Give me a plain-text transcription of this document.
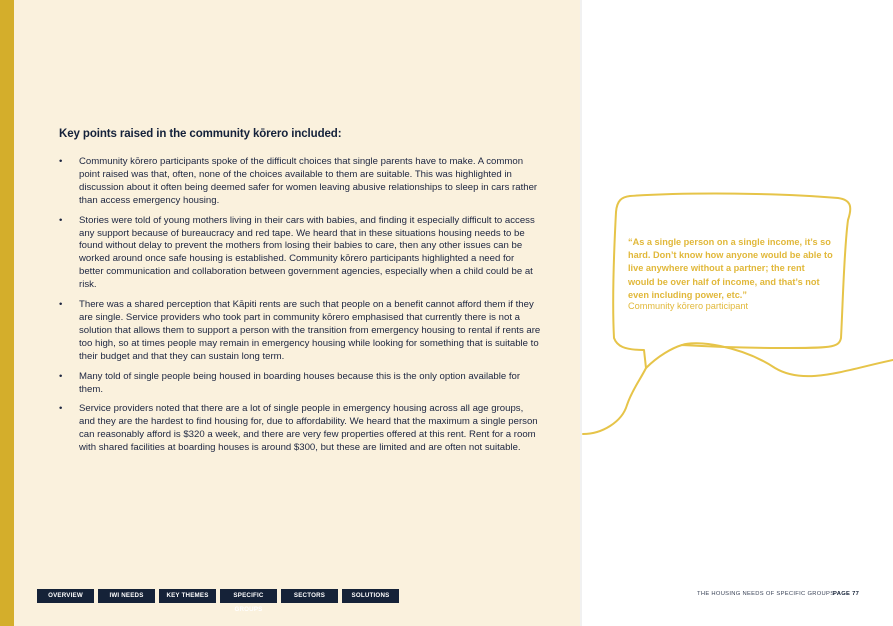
Key points raised in the community kōrero included:
• Community kōrero participants spoke of the difficult choices that single parents have to make. A common point raised was that, often, none of the choices available to them are suitable. This was highlighted in discussion about it often being deemed safer for women leaving abusive relationships to sleep in cars rather than access emergency housing.
• Stories were told of young mothers living in their cars with babies, and finding it especially difficult to access any support because of bureaucracy and red tape. We heard that in these situations housing needs to be found without delay to prevent the mothers from losing their babies to care, then any other issues can be worked around once safe housing is established. Community kōrero participants highlighted a need for better communication and collaboration between government agencies, especially when a child could be at risk.
• There was a shared perception that Kāpiti rents are such that people on a benefit cannot afford them if they are single. Service providers who took part in community kōrero emphasised that currently there is not a solution that allows them to support a person with the transition from emergency housing to rental if rents are too high, so at times people may remain in emergency housing while looking for something that is suitable to their budget and that they can sustain long term.
• Many told of single people being housed in boarding houses because this is the only option available for them.
• Service providers noted that there are a lot of single people in emergency housing across all age groups, and they are the hardest to find housing for, due to affordability. We heard that the maximum a single person can reasonably afford is $320 a week, and there are very few properties offered at this rent. Rent for a room with shared facilities at boarding houses is around $300, but these are limited and are often not suitable.
“As a single person on a single income, it’s so hard. Don’t know how anyone would be able to live anywhere without a partner; the rent would be over half of income, and that’s not even including power, etc.”
Community kōrero participant
OVERVIEW	IWI NEEDS	KEY THEMES	SPECIFIC GROUPS
SECTORS	SOLUTIONS	THE HOUSING NEEDS OF SPECIFIC GROUPS
PAGE 77
